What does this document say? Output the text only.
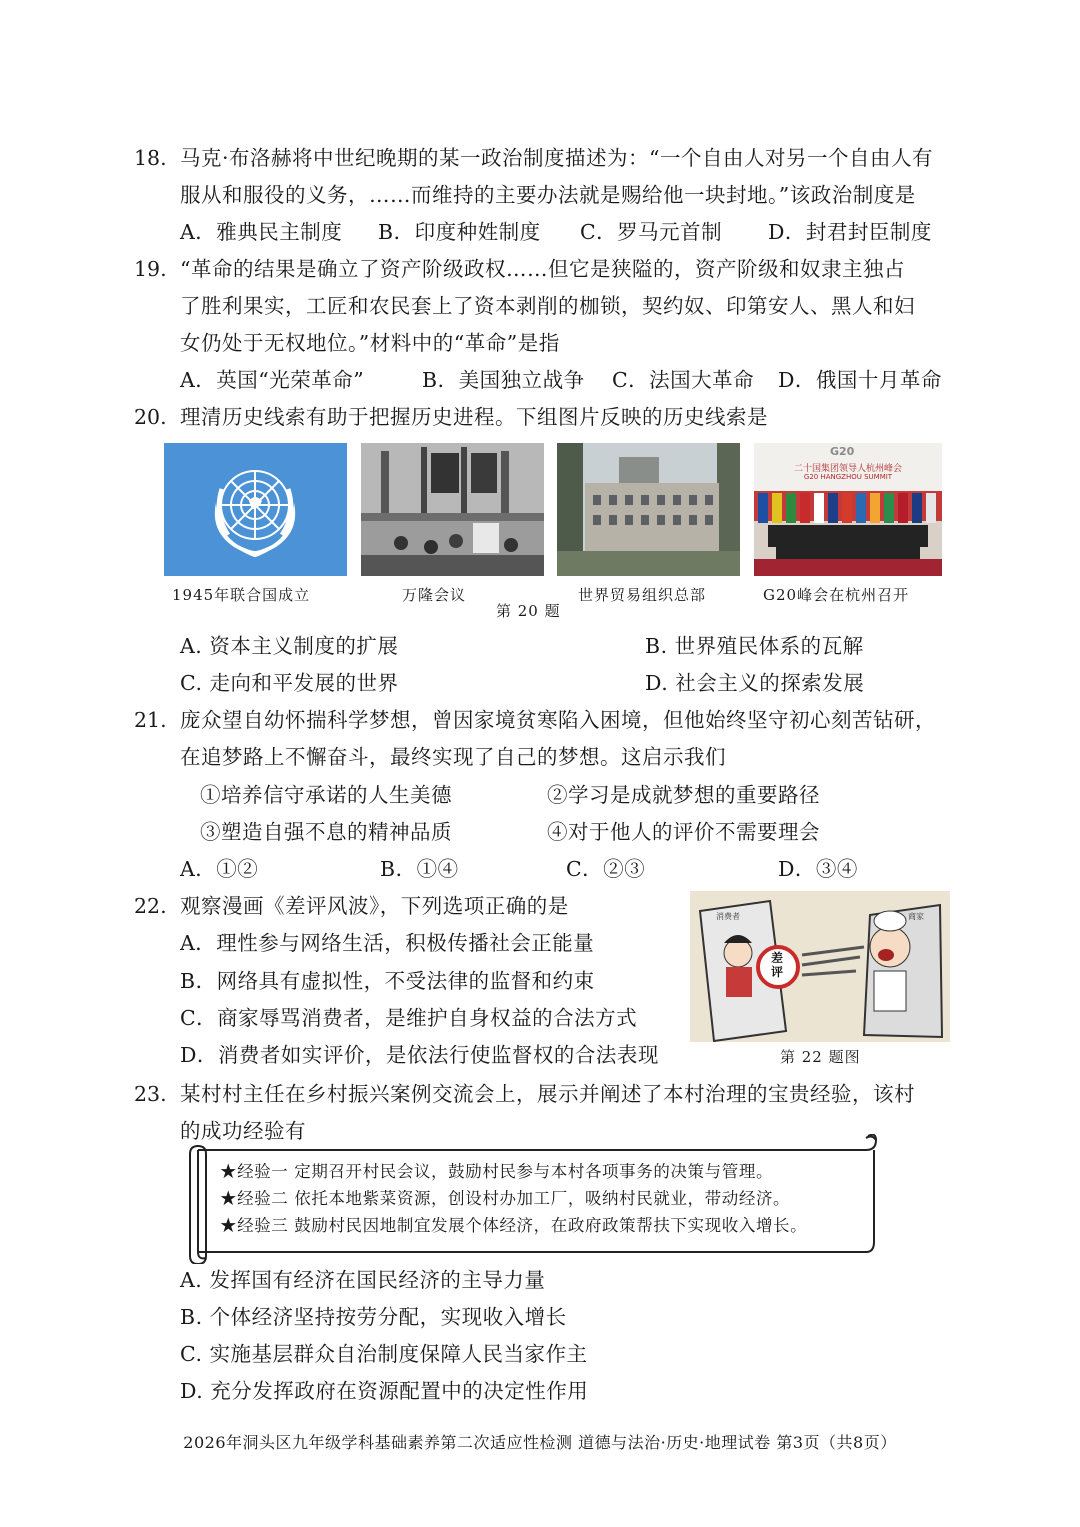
18. 马克·布洛赫将中世纪晚期的某一政治制度描述为：“一个自由人对另一个自由人有
服从和服役的义务，……而维持的主要办法就是赐给他一块封地。”该政治制度是
A．雅典民主制度 B．印度种姓制度 C．罗马元首制 D．封君封臣制度
19. “革命的结果是确立了资产阶级政权……但它是狭隘的，资产阶级和奴隶主独占
了胜利果实，工匠和农民套上了资本剥削的枷锁，契约奴、印第安人、黑人和妇
女仍处于无权地位。”材料中的“革命”是指
A．英国“光荣革命”	B．美国独立战争 C．法国大革命 D．俄国十月革命
20. 理清历史线索有助于把握历史进程。下组图片反映的历史线索是
G20
二十国集团领导人杭州峰会
G20 HANGZHOU SUMMIT
1945年联合国成立	万隆会议	世界贸易组织总部	G20峰会在杭州召开
第 20 题
A. 资本主义制度的扩展	B. 世界殖民体系的瓦解
C. 走向和平发展的世界	D. 社会主义的探索发展
21. 庞众望自幼怀揣科学梦想，曾因家境贫寒陷入困境，但他始终坚守初心刻苦钻研，
在追梦路上不懈奋斗，最终实现了自己的梦想。这启示我们
①培养信守承诺的人生美德	②学习是成就梦想的重要路径
③塑造自强不息的精神品质	④对于他人的评价不需要理会
A．①②	B．①④	C．②③	D．③④
22. 观察漫画《差评风波》，下列选项正确的是
A．理性参与网络生活，积极传播社会正能量
B．网络具有虚拟性，不受法律的监督和约束
C．商家辱骂消费者，是维护自身权益的合法方式
D．消费者如实评价，是依法行使监督权的合法表现
差评
消费者	商家
第 22 题图
23. 某村村主任在乡村振兴案例交流会上，展示并阐述了本村治理的宝贵经验，该村
的成功经验有
★经验一 定期召开村民会议，鼓励村民参与本村各项事务的决策与管理。
★经验二 依托本地紫菜资源，创设村办加工厂，吸纳村民就业，带动经济。
★经验三 鼓励村民因地制宜发展个体经济，在政府政策帮扶下实现收入增长。
A. 发挥国有经济在国民经济的主导力量
B. 个体经济坚持按劳分配，实现收入增长
C. 实施基层群众自治制度保障人民当家作主
D. 充分发挥政府在资源配置中的决定性作用
2026年洞头区九年级学科基础素养第二次适应性检测 道德与法治·历史·地理试卷 第3页（共8页）
